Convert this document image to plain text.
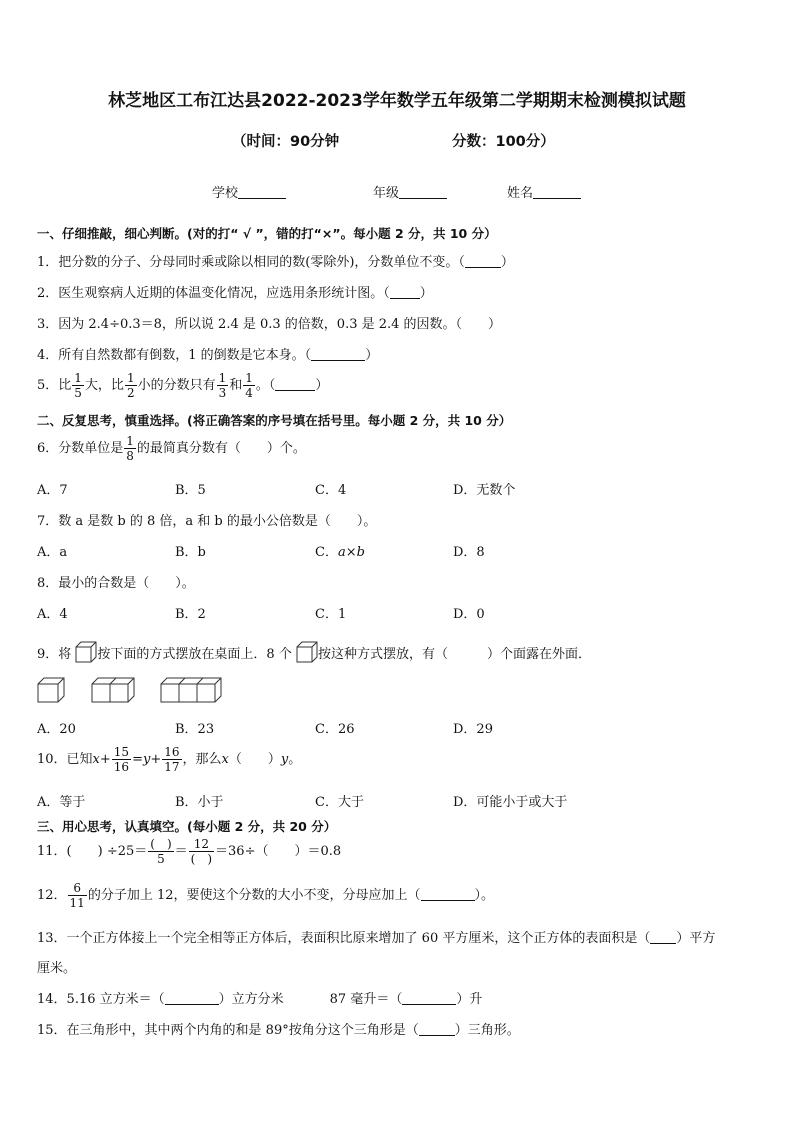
林芝地区工布江达县2022-2023学年数学五年级第二学期期末检测模拟试题
（时间：90分钟	分数：100分）
学校	年级	姓名
一、仔细推敲，细心判断。(对的打“ √ ”，错的打“×”。每小题 2 分，共 10 分）
1．把分数的分子、分母同时乘或除以相同的数(零除外)，分数单位不变。（	）
2．医生观察病人近期的体温变化情况，应选用条形统计图。（ ）
3．因为 2.4÷0.3＝8，所以说 2.4 是 0.3 的倍数，0.3 是 2.4 的因数。（　　）
4．所有自然数都有倒数，1 的倒数是它本身。（	）
5．比 $\frac{1}{5}$ 大，比 $\frac{1}{2}$ 小的分数只有 $\frac{1}{3}$ 和 $\frac{1}{4}$ 。（	）
二、反复思考，慎重选择。(将正确答案的序号填在括号里。每小题 2 分，共 10 分）
6．分数单位是 $\frac{1}{8}$ 的最简真分数有（　　）个。
A．7	B．5	C．4	D．无数个
7．数 a 是数 b 的 8 倍，a 和 b 的最小公倍数是（　　）。
A．a	B．b	C．a×b	D．8
8．最小的合数是（　　）。
A．4	B．2	C．1	D．0
9．将 按下面的方式摆放在桌面上．8 个 按这种方式摆放，有（　　　）个面露在外面．
A．20	B．23	C．26	D．29
10．已知$x+ \frac{15}{16} =y+ \frac{16}{17}$ ，那么x（　　）y。
A．等于	B．小于	C．大于	D．可能小于或大于
三、用心思考，认真填空。(每小题 2 分，共 20 分）
11．(　　) $\div 25= \frac{( )}{5} = \frac{12}{( )} =36\div$（　　）＝0.8
12． $\frac{6}{11}$ 的分子加上 12，要使这个分数的大小不变，分母应加上（	）。
13．一个正方体接上一个完全相等正方体后，表面积比原来增加了 60 平方厘米，这个正方体的表面积是（ ）平方
厘米。
14．5.16 立方米＝（	）立方分米	87 毫升＝（	）升
15．在三角形中，其中两个内角的和是 89°按角分这个三角形是（	）三角形。
